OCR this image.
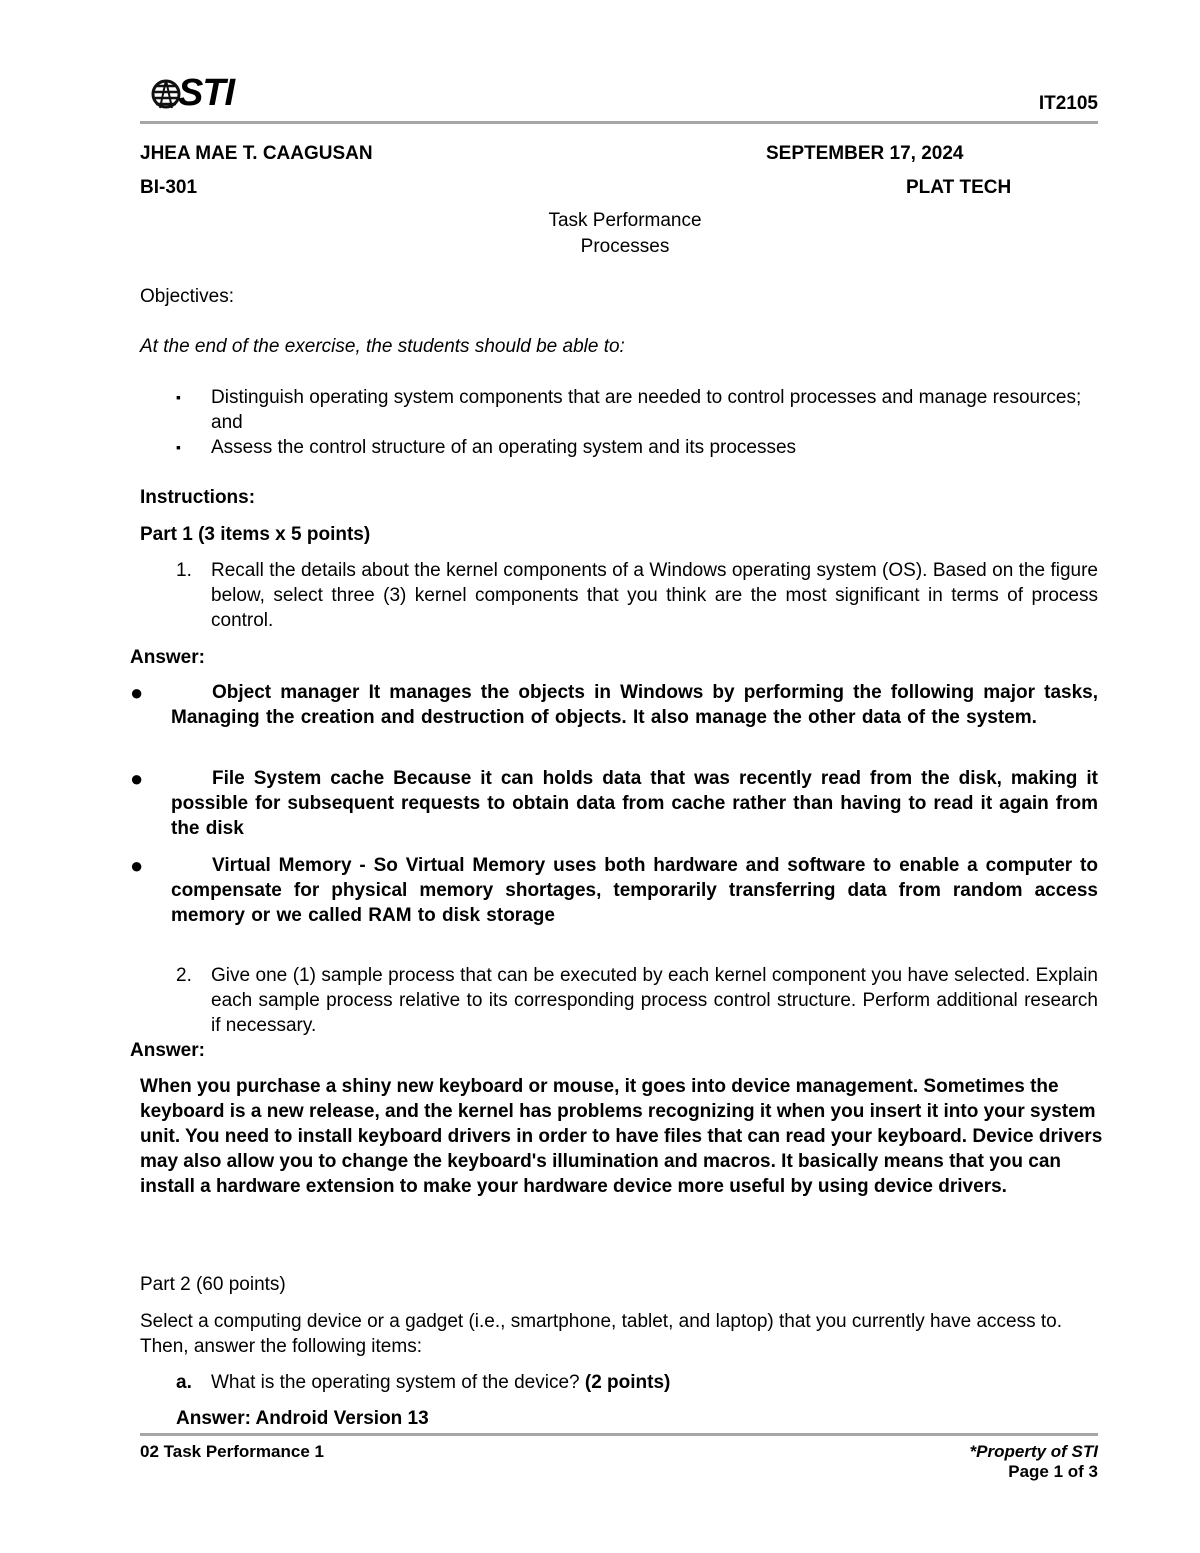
STI	IT2105
JHEA MAE T. CAAGUSAN	SEPTEMBER 17, 2024
BI-301	PLAT TECH
Task Performance
Processes
Objectives:
At the end of the exercise, the students should be able to:
▪	Distinguish operating system components that are needed to control processes and manage resources; and
▪	Assess the control structure of an operating system and its processes
Instructions:
Part 1 (3 items x 5 points)
1.	Recall the details about the kernel components of a Windows operating system (OS). Based on the figure below, select three (3) kernel components that you think are the most significant in terms of process control.
Answer:
●	Object manager It manages the objects in Windows by performing the following major tasks, Managing the creation and destruction of objects. It also manage the other data of the system.
●	File System cache Because it can holds data that was recently read from the disk, making it possible for subsequent requests to obtain data from cache rather than having to read it again from the disk
●	Virtual Memory - So Virtual Memory uses both hardware and software to enable a computer to compensate for physical memory shortages, temporarily transferring data from random access memory or we called RAM to disk storage
2.	Give one (1) sample process that can be executed by each kernel component you have selected. Explain each sample process relative to its corresponding process control structure. Perform additional research if necessary.
Answer:
When you purchase a shiny new keyboard or mouse, it goes into device management. Sometimes the keyboard is a new release, and the kernel has problems recognizing it when you insert it into your system unit. You need to install keyboard drivers in order to have files that can read your keyboard. Device drivers may also allow you to change the keyboard's illumination and macros. It basically means that you can install a hardware extension to make your hardware device more useful by using device drivers.
Part 2 (60 points)
Select a computing device or a gadget (i.e., smartphone, tablet, and laptop) that you currently have access to. Then, answer the following items:
a.	What is the operating system of the device? (2 points)
Answer: Android Version 13
02 Task Performance 1	*Property of STI
Page 1 of 3
